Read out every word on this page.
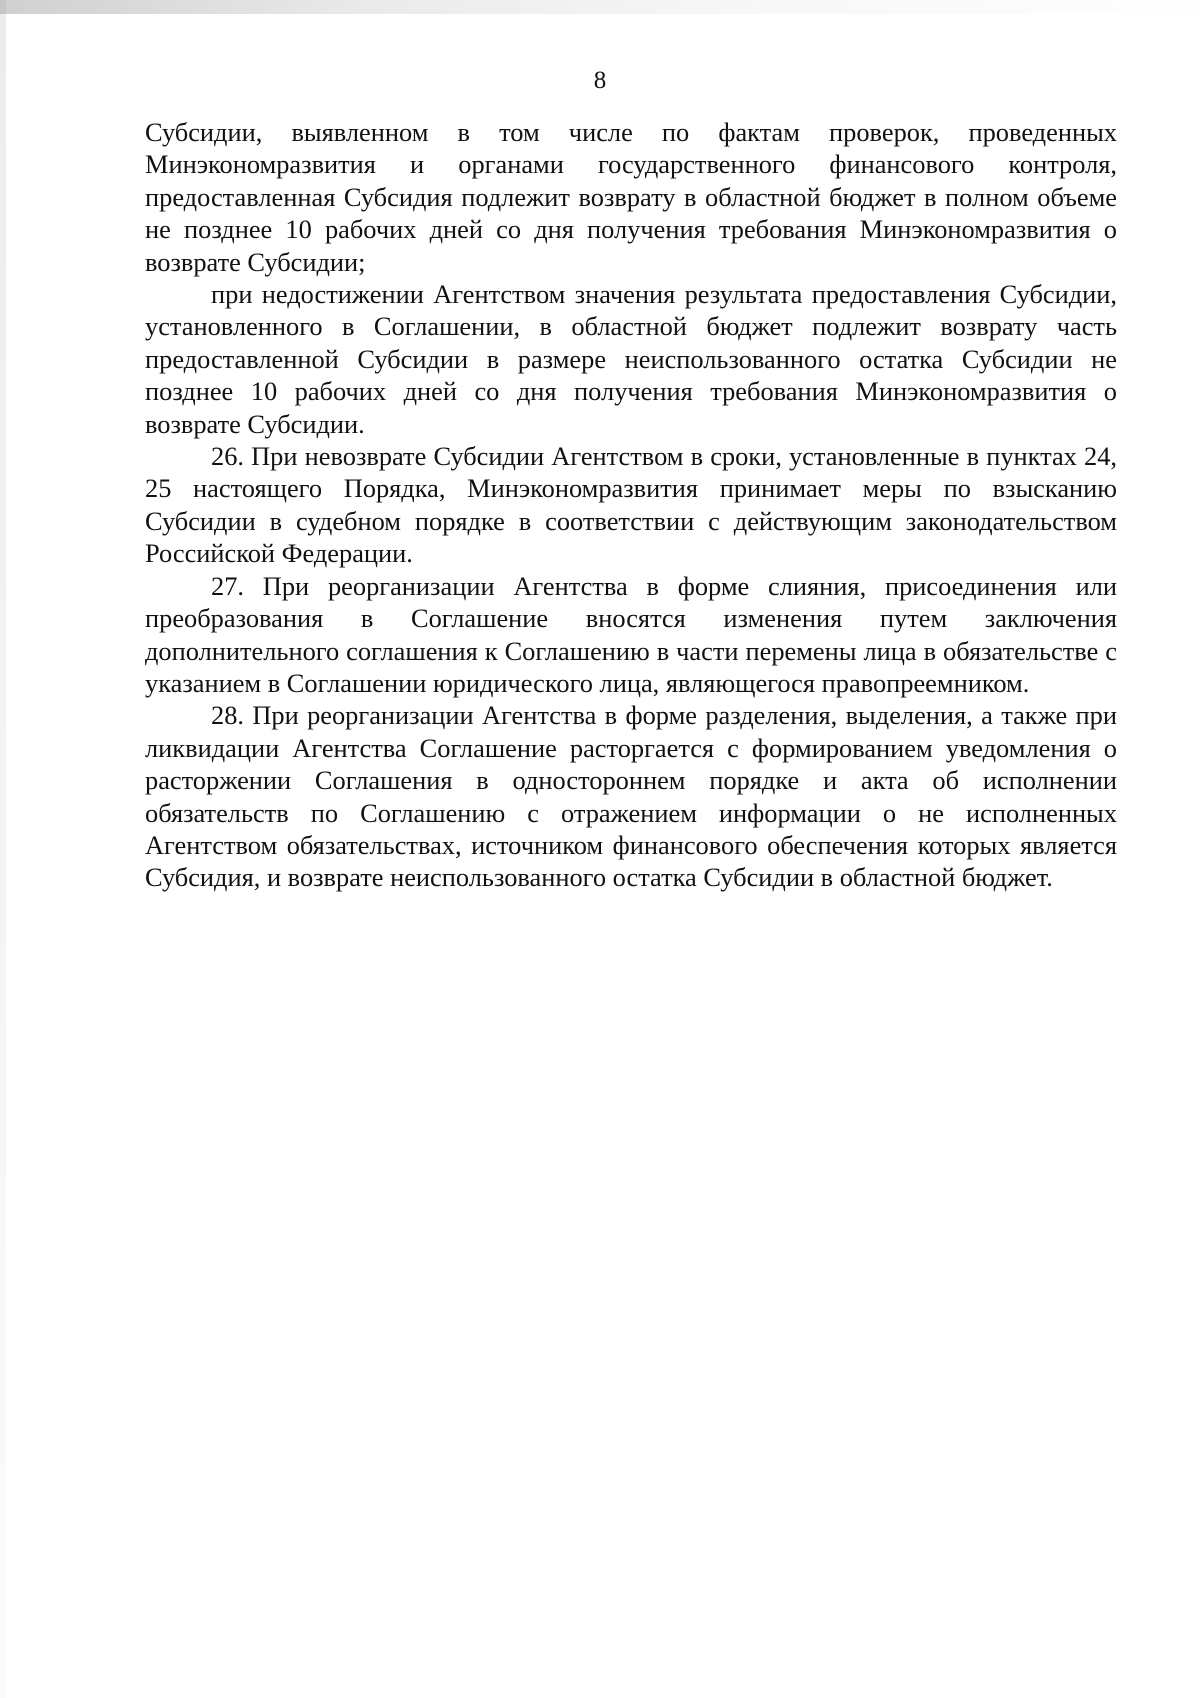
8

Субсидии, выявленном в том числе по фактам проверок, проведенных Минэкономразвития и органами государственного финансового контроля, предоставленная Субсидия подлежит возврату в областной бюджет в полном объеме не позднее 10 рабочих дней со дня получения требования Минэкономразвития о возврате Субсидии;

при недостижении Агентством значения результата предоставления Субсидии, установленного в Соглашении, в областной бюджет подлежит возврату часть предоставленной Субсидии в размере неиспользованного остатка Субсидии не позднее 10 рабочих дней со дня получения требования Минэкономразвития о возврате Субсидии.

26. При невозврате Субсидии Агентством в сроки, установленные в пунктах 24, 25 настоящего Порядка, Минэкономразвития принимает меры по взысканию Субсидии в судебном порядке в соответствии с действующим законодательством Российской Федерации.

27. При реорганизации Агентства в форме слияния, присоединения или преобразования в Соглашение вносятся изменения путем заключения дополнительного соглашения к Соглашению в части перемены лица в обязательстве с указанием в Соглашении юридического лица, являющегося правопреемником.

28. При реорганизации Агентства в форме разделения, выделения, а также при ликвидации Агентства Соглашение расторгается с формированием уведомления о расторжении Соглашения в одностороннем порядке и акта об исполнении обязательств по Соглашению с отражением информации о не исполненных Агентством обязательствах, источником финансового обеспечения которых является Субсидия, и возврате неиспользованного остатка Субсидии в областной бюджет.
